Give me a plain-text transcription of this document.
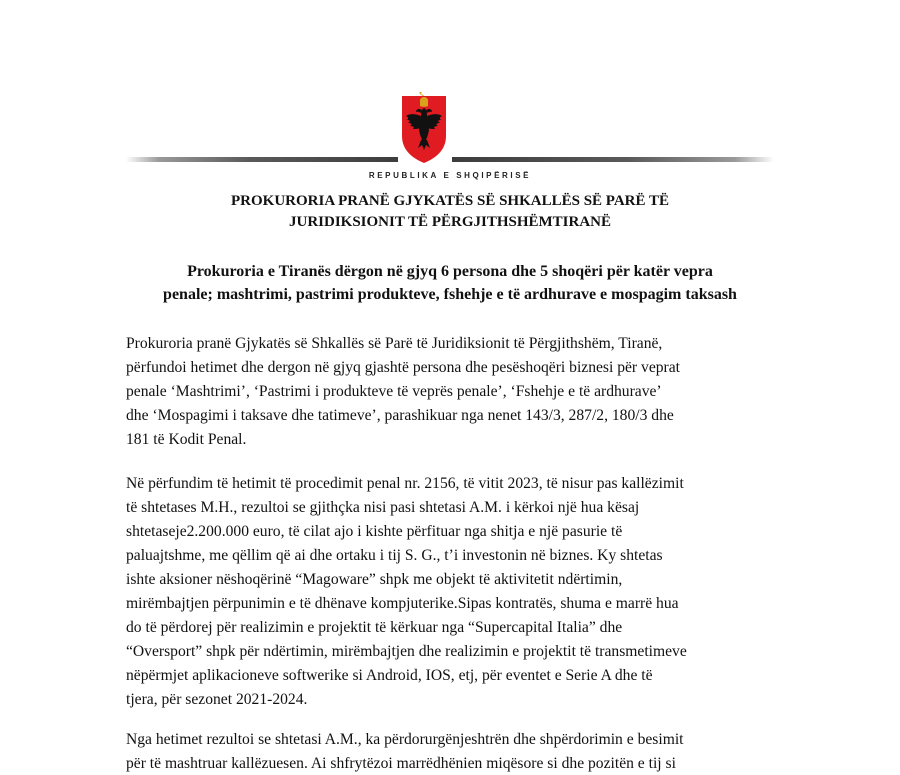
REPUBLIKA E SHQIPËRISË
PROKURORIA PRANË GJYKATËS SË SHKALLËS SË PARË TË
JURIDIKSIONIT TË PËRGJITHSHËMTIRANË
Prokuroria e Tiranës dërgon në gjyq 6 persona dhe 5 shoqëri për katër vepra
penale; mashtrimi, pastrimi produkteve, fshehje e të ardhurave e mospagim taksash
Prokuroria pranë Gjykatës së Shkallës së Parë të Juridiksionit të Përgjithshëm, Tiranë,
përfundoi hetimet dhe dergon në gjyq gjashtë persona dhe pesëshoqëri biznesi për veprat
penale ‘Mashtrimi’, ‘Pastrimi i produkteve të veprës penale’, ‘Fshehje e të ardhurave’
dhe ‘Mospagimi i taksave dhe tatimeve’, parashikuar nga nenet 143/3, 287/2, 180/3 dhe
181 të Kodit Penal.
Në përfundim të hetimit të procedimit penal nr. 2156, të vitit 2023, të nisur pas kallëzimit
të shtetases M.H., rezultoi se gjithçka nisi pasi shtetasi A.M. i kërkoi një hua kësaj
shtetaseje2.200.000 euro, të cilat ajo i kishte përfituar nga shitja e një pasurie të
paluajtshme, me qëllim që ai dhe ortaku i tij S. G., t’i investonin në biznes. Ky shtetas
ishte aksioner nëshoqërinë “Magoware” shpk me objekt të aktivitetit ndërtimin,
mirëmbajtjen përpunimin e të dhënave kompjuterike.Sipas kontratës, shuma e marrë hua
do të përdorej për realizimin e projektit të kërkuar nga “Supercapital Italia” dhe
“Oversport” shpk për ndërtimin, mirëmbajtjen dhe realizimin e projektit të transmetimeve
nëpërmjet aplikacioneve softwerike si Android, IOS, etj, për eventet e Serie A dhe të
tjera, për sezonet 2021-2024.
Nga hetimet rezultoi se shtetasi A.M., ka përdorurgënjeshtrën dhe shpërdorimin e besimit
për të mashtruar kallëzuesen. Ai shfrytëzoi marrëdhënien miqësore si dhe pozitën e tij si
